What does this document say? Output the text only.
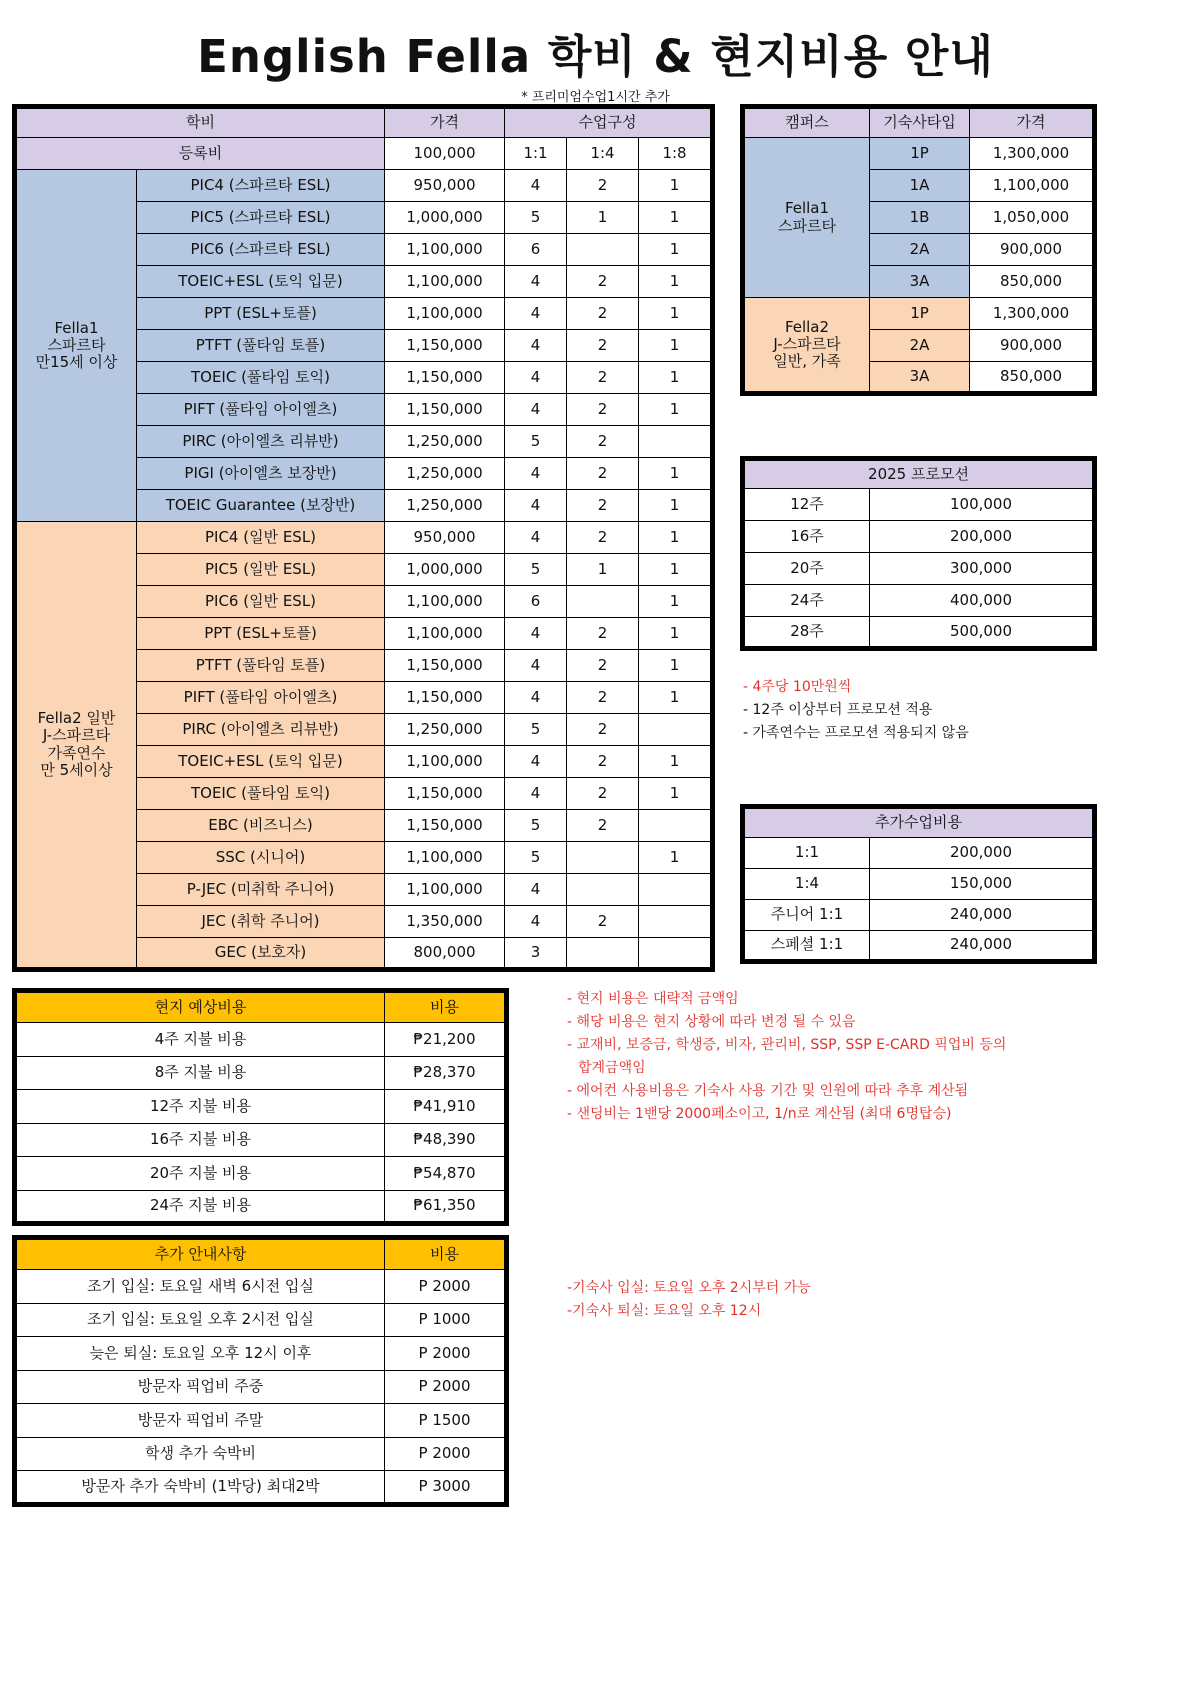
English Fella 학비 & 현지비용 안내
* 프리미엄수업1시간 추가
학비		가격	수업구성		
등록비		100,000	1:1	1:4	1:8

Fella1
스파르타
만15세 이상	PIC4 (스파르타 ESL)	950,000	4	2	1
	PIC5 (스파르타 ESL)	1,000,000	5	1	1
	PIC6 (스파르타 ESL)	1,100,000	6		1
	TOEIC+ESL (토익 입문)	1,100,000	4	2	1
	PPT (ESL+토플)	1,100,000	4	2	1
	PTFT (풀타임 토플)	1,150,000	4	2	1
	TOEIC (풀타임 토익)	1,150,000	4	2	1
	PIFT (풀타임 아이엘츠)	1,150,000	4	2	1
	PIRC (아이엘츠 리뷰반)	1,250,000	5	2	
	PIGI (아이엘츠 보장반)	1,250,000	4	2	1
	TOEIC Guarantee (보장반)	1,250,000	4	2	1

Fella2 일반
J-스파르타
가족연수
만 5세이상	PIC4 (일반 ESL)	950,000	4	2	1
	PIC5 (일반 ESL)	1,000,000	5	1	1
	PIC6 (일반 ESL)	1,100,000	6		1
	PPT (ESL+토플)	1,100,000	4	2	1
	PTFT (풀타임 토플)	1,150,000	4	2	1
	PIFT (풀타임 아이엘츠)	1,150,000	4	2	1
	PIRC (아이엘츠 리뷰반)	1,250,000	5	2	
	TOEIC+ESL (토익 입문)	1,100,000	4	2	1
	TOEIC (풀타임 토익)	1,150,000	4	2	1
	EBC (비즈니스)	1,150,000	5	2	
	SSC (시니어)	1,100,000	5		1
	P-JEC (미취학 주니어)	1,100,000	4		
	JEC (취학 주니어)	1,350,000	4	2	
	GEC (보호자)	800,000	3		
캠퍼스	기숙사타입	가격

Fella1
스파르타	1P	1,300,000
	1A	1,100,000
	1B	1,050,000
	2A	900,000
	3A	850,000

Fella2
J-스파르타
일반, 가족	1P	1,300,000
	2A	900,000
	3A	850,000
2025 프로모션	
12주	100,000
16주	200,000
20주	300,000
24주	400,000
28주	500,000
- 4주당 10만원씩
- 12주 이상부터 프로모션 적용
- 가족연수는 프로모션 적용되지 않음
추가수업비용	
1:1	200,000
1:4	150,000
주니어 1:1	240,000
스페셜 1:1	240,000
현지 예상비용	비용
4주 지불 비용	₱21,200
8주 지불 비용	₱28,370
12주 지불 비용	₱41,910
16주 지불 비용	₱48,390
20주 지불 비용	₱54,870
24주 지불 비용	₱61,350
- 현지 비용은 대략적 금액임
- 해당 비용은 현지 상황에 따라 변경 될 수 있음
- 교재비, 보증금, 학생증, 비자, 관리비, SSP, SSP E-CARD 픽업비 등의
합계금액임
- 에어컨 사용비용은 기숙사 사용 기간 및 인원에 따라 추후 계산됨
- 샌딩비는 1밴당 2000페소이고, 1/n로 계산됨 (최대 6명탑승)
추가 안내사항	비용
조기 입실: 토요일 새벽 6시전 입실	P 2000
조기 입실: 토요일 오후 2시전 입실	P 1000
늦은 퇴실: 토요일 오후 12시 이후	P 2000
방문자 픽업비 주중	P 2000
방문자 픽업비 주말	P 1500
학생 추가 숙박비	P 2000
방문자 추가 숙박비 (1박당) 최대2박	P 3000
-기숙사 입실: 토요일 오후 2시부터 가능
-기숙사 퇴실: 토요일 오후 12시
